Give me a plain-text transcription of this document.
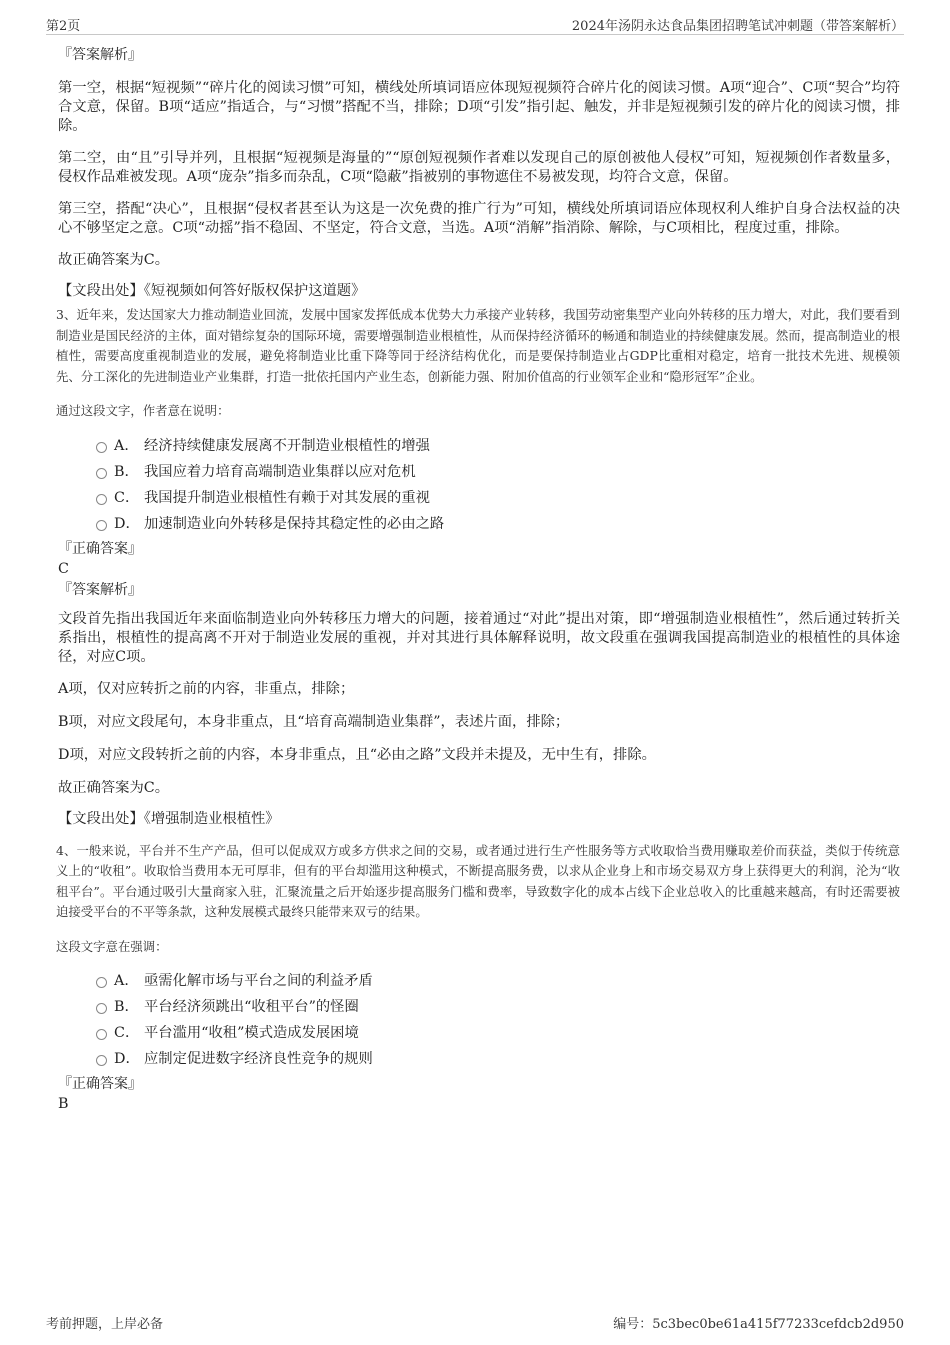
第2页	2024年汤阴永达食品集团招聘笔试冲刺题（带答案解析）

『答案解析』

第一空，根据“短视频”“碎片化的阅读习惯”可知，横线处所填词语应体现短视频符合碎片化的阅读习惯。A项“迎合”、C项“契合”均符合文意，保留。B项“适应”指适合，与“习惯”搭配不当，排除；D项“引发”指引起、触发，并非是短视频引发的碎片化的阅读习惯，排除。

第二空，由“且”引导并列，且根据“短视频是海量的”“原创短视频作者难以发现自己的原创被他人侵权”可知，短视频创作者数量多，侵权作品难被发现。A项“庞杂”指多而杂乱，C项“隐蔽”指被别的事物遮住不易被发现，均符合文意，保留。

第三空，搭配“决心”，且根据“侵权者甚至认为这是一次免费的推广行为”可知，横线处所填词语应体现权利人维护自身合法权益的决心不够坚定之意。C项“动摇”指不稳固、不坚定，符合文意，当选。A项“消解”指消除、解除，与C项相比，程度过重，排除。

故正确答案为C。

【文段出处】《短视频如何答好版权保护这道题》

3、近年来，发达国家大力推动制造业回流，发展中国家发挥低成本优势大力承接产业转移，我国劳动密集型产业向外转移的压力增大，对此，我们要看到制造业是国民经济的主体，面对错综复杂的国际环境，需要增强制造业根植性，从而保持经济循环的畅通和制造业的持续健康发展。然而，提高制造业的根植性，需要高度重视制造业的发展，避免将制造业比重下降等同于经济结构优化，而是要保持制造业占GDP比重相对稳定，培育一批技术先进、规模领先、分工深化的先进制造业产业集群，打造一批依托国内产业生态，创新能力强、附加价值高的行业领军企业和“隐形冠军”企业。

通过这段文字，作者意在说明：

A． 经济持续健康发展离不开制造业根植性的增强
B． 我国应着力培育高端制造业集群以应对危机
C． 我国提升制造业根植性有赖于对其发展的重视
D． 加速制造业向外转移是保持其稳定性的必由之路

『正确答案』

C

『答案解析』

文段首先指出我国近年来面临制造业向外转移压力增大的问题，接着通过“对此”提出对策，即“增强制造业根植性”，然后通过转折关系指出，根植性的提高离不开对于制造业发展的重视，并对其进行具体解释说明，故文段重在强调我国提高制造业的根植性的具体途径，对应C项。

A项，仅对应转折之前的内容，非重点，排除；

B项，对应文段尾句，本身非重点，且“培育高端制造业集群”，表述片面，排除；

D项，对应文段转折之前的内容，本身非重点，且“必由之路”文段并未提及，无中生有，排除。

故正确答案为C。

【文段出处】《增强制造业根植性》

4、一般来说，平台并不生产产品，但可以促成双方或多方供求之间的交易，或者通过进行生产性服务等方式收取恰当费用赚取差价而获益，类似于传统意义上的“收租”。收取恰当费用本无可厚非，但有的平台却滥用这种模式，不断提高服务费，以求从企业身上和市场交易双方身上获得更大的利润，沦为“收租平台”。平台通过吸引大量商家入驻，汇聚流量之后开始逐步提高服务门槛和费率，导致数字化的成本占线下企业总收入的比重越来越高，有时还需要被迫接受平台的不平等条款，这种发展模式最终只能带来双亏的结果。

这段文字意在强调：

A． 亟需化解市场与平台之间的利益矛盾
B． 平台经济须跳出“收租平台”的怪圈
C． 平台滥用“收租”模式造成发展困境
D． 应制定促进数字经济良性竞争的规则

『正确答案』

B

考前押题，上岸必备	编号：5c3bec0be61a415f77233cefdcb2d950
